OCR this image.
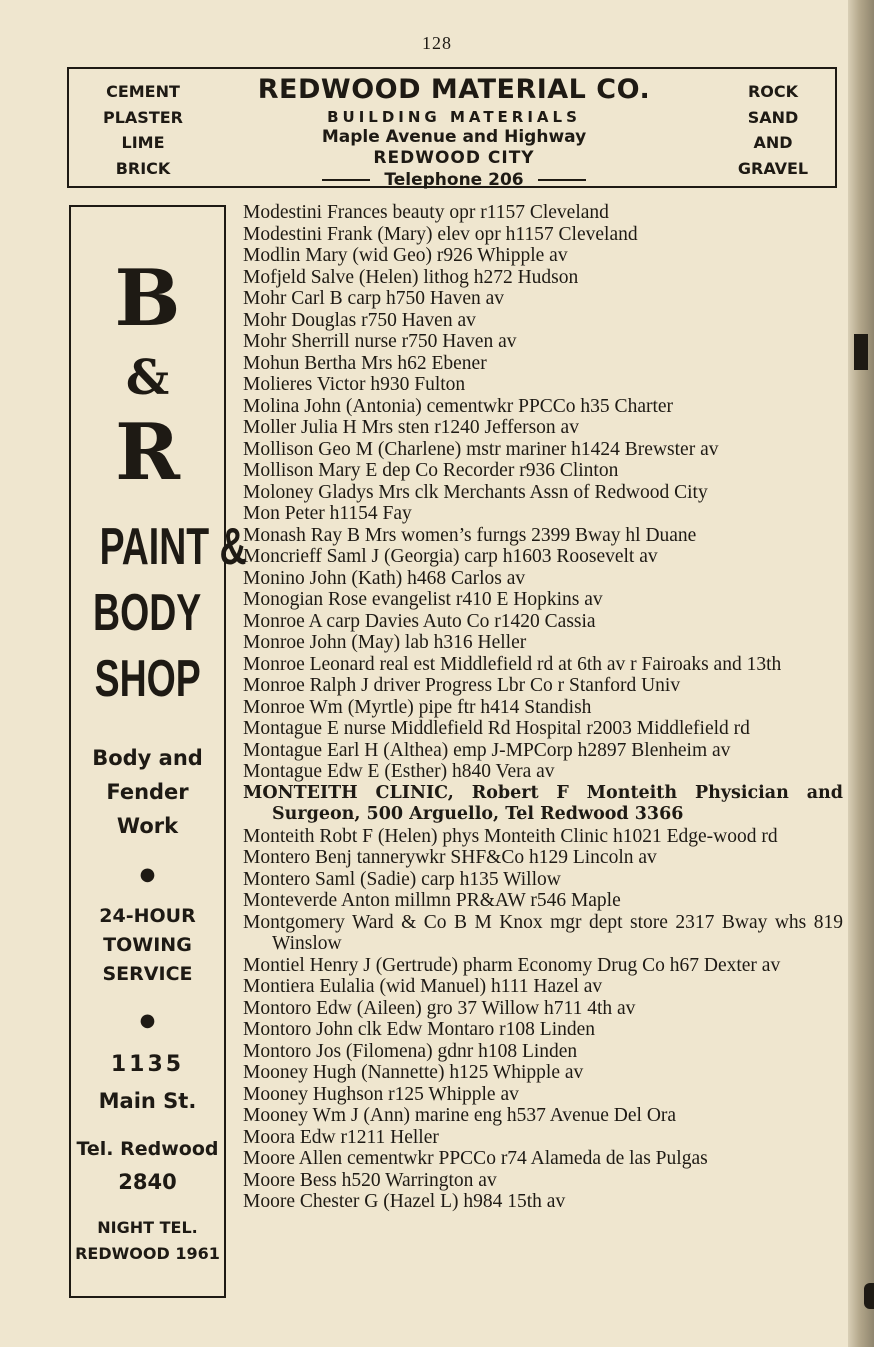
128
CEMENT
PLASTER
LIME
BRICK
REDWOOD MATERIAL CO.
BUILDING MATERIALS
Maple Avenue and Highway
REDWOOD CITY
Telephone 206
ROCK
SAND
AND
GRAVEL
B
&
R
PAINT &
BODY
SHOP
Body and
Fender
Work
●
24-HOUR
TOWING
SERVICE
●
1135
Main St.
Tel. Redwood
2840
NIGHT TEL.
REDWOOD 1961
Modestini Frances beauty opr r1157 Cleveland
Modestini Frank (Mary) elev opr h1157 Cleveland
Modlin Mary (wid Geo) r926 Whipple av
Mofjeld Salve (Helen) lithog h272 Hudson
Mohr Carl B carp h750 Haven av
Mohr Douglas r750 Haven av
Mohr Sherrill nurse r750 Haven av
Mohun Bertha Mrs h62 Ebener
Molieres Victor h930 Fulton
Molina John (Antonia) cementwkr PPCCo h35 Charter
Moller Julia H Mrs sten r1240 Jefferson av
Mollison Geo M (Charlene) mstr mariner h1424 Brewster av
Mollison Mary E dep Co Recorder r936 Clinton
Moloney Gladys Mrs clk Merchants Assn of Redwood City
Mon Peter h1154 Fay
Monash Ray B Mrs women’s furngs 2399 Bway hl Duane
Moncrieff Saml J (Georgia) carp h1603 Roosevelt av
Monino John (Kath) h468 Carlos av
Monogian Rose evangelist r410 E Hopkins av
Monroe A carp Davies Auto Co r1420 Cassia
Monroe John (May) lab h316 Heller
Monroe Leonard real est Middlefield rd at 6th av r Fairoaks and 13th
Monroe Ralph J driver Progress Lbr Co r Stanford Univ
Monroe Wm (Myrtle) pipe ftr h414 Standish
Montague E nurse Middlefield Rd Hospital r2003 Middlefield rd
Montague Earl H (Althea) emp J-MPCorp h2897 Blenheim av
Montague Edw E (Esther) h840 Vera av
MONTEITH CLINIC, Robert F Monteith Physician and Surgeon, 500 Arguello, Tel Redwood 3366
Monteith Robt F (Helen) phys Monteith Clinic h1021 Edge-wood rd
Montero Benj tannerywkr SHF&Co h129 Lincoln av
Montero Saml (Sadie) carp h135 Willow
Monteverde Anton millmn PR&AW r546 Maple
Montgomery Ward & Co B M Knox mgr dept store 2317 Bway whs 819 Winslow
Montiel Henry J (Gertrude) pharm Economy Drug Co h67 Dexter av
Montiera Eulalia (wid Manuel) h111 Hazel av
Montoro Edw (Aileen) gro 37 Willow h711 4th av
Montoro John clk Edw Montaro r108 Linden
Montoro Jos (Filomena) gdnr h108 Linden
Mooney Hugh (Nannette) h125 Whipple av
Mooney Hughson r125 Whipple av
Mooney Wm J (Ann) marine eng h537 Avenue Del Ora
Moora Edw r1211 Heller
Moore Allen cementwkr PPCCo r74 Alameda de las Pulgas
Moore Bess h520 Warrington av
Moore Chester G (Hazel L) h984 15th av
